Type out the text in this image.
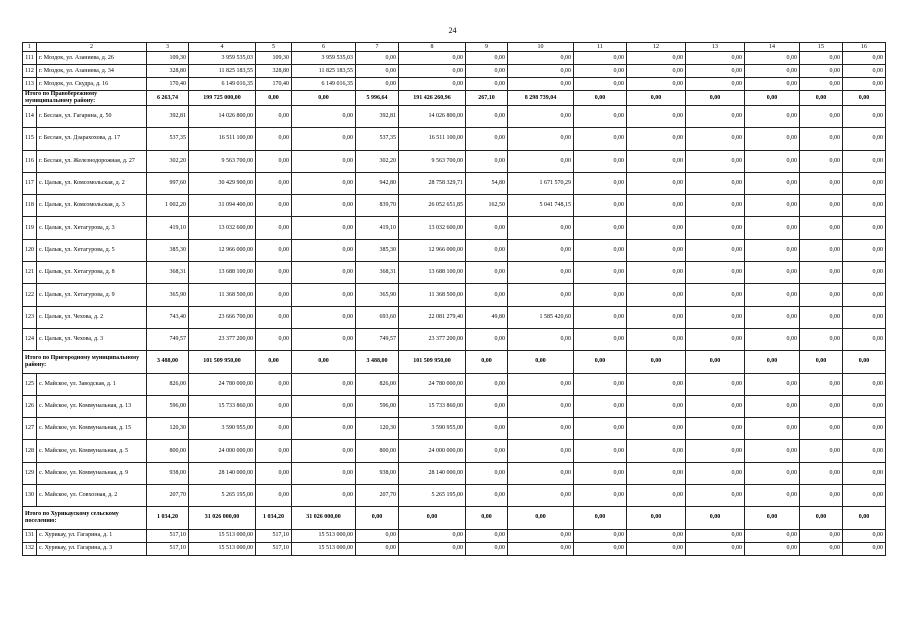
24
1	2	3	4	5	6	7	8	9	10	11	12	13	14	15	16
111	г. Моздок, ул. Азаниева, д. 26	109,30	3 959 535,03	109,30	3 959 535,03	0,00	0,00	0,00	0,00	0,00	0,00	0,00	0,00	0,00	0,00
112	г. Моздок, ул. Азаниева, д. 34	328,80	11 825 183,55	328,80	11 825 183,55	0,00	0,00	0,00	0,00	0,00	0,00	0,00	0,00	0,00	0,00
113	г. Моздок, ул. Скудра, д. 16	170,40	6 149 016,35	170,40	6 149 016,35	0,00	0,00	0,00	0,00	0,00	0,00	0,00	0,00	0,00	0,00
Итого по Правобережному муниципальному району:		6 263,74	199 725 000,00	0,00	0,00	5 996,64	191 426 260,96	267,10	8 298 739,04	0,00	0,00	0,00	0,00	0,00	0,00
114	г. Беслан, ул. Гагарина, д. 50	392,81	14 026 800,00	0,00	0,00	392,81	14 026 800,00	0,00	0,00	0,00	0,00	0,00	0,00	0,00	0,00
115	г. Беслан, ул. Дзарахохова, д. 17	537,35	16 511 100,00	0,00	0,00	537,35	16 511 100,00	0,00	0,00	0,00	0,00	0,00	0,00	0,00	0,00
116	г. Беслан, ул. Железнодорожная, д. 27	302,20	9 563 700,00	0,00	0,00	302,20	9 563 700,00	0,00	0,00	0,00	0,00	0,00	0,00	0,00	0,00
117	с. Цалык, ул. Комсомольская, д. 2	997,60	30 429 900,00	0,00	0,00	942,80	28 758 329,71	54,80	1 671 570,29	0,00	0,00	0,00	0,00	0,00	0,00
118	с. Цалык, ул. Комсомольская, д. 3	1 002,20	31 094 400,00	0,00	0,00	839,70	26 052 651,85	162,50	5 041 748,15	0,00	0,00	0,00	0,00	0,00	0,00
119	с. Цалык, ул. Хетагурова, д. 3	419,10	13 032 600,00	0,00	0,00	419,10	13 032 600,00	0,00	0,00	0,00	0,00	0,00	0,00	0,00	0,00
120	с. Цалык, ул. Хетагурова, д. 5	385,30	12 966 000,00	0,00	0,00	385,30	12 966 000,00	0,00	0,00	0,00	0,00	0,00	0,00	0,00	0,00
121	с. Цалык, ул. Хетагурова, д. 8	368,31	13 688 100,00	0,00	0,00	368,31	13 688 100,00	0,00	0,00	0,00	0,00	0,00	0,00	0,00	0,00
122	с. Цалык, ул. Хетагурова, д. 9	365,90	11 368 500,00	0,00	0,00	365,90	11 368 500,00	0,00	0,00	0,00	0,00	0,00	0,00	0,00	0,00
123	с. Цалык, ул. Чехова, д. 2	743,40	23 666 700,00	0,00	0,00	693,60	22 081 279,40	49,80	1 585 420,60	0,00	0,00	0,00	0,00	0,00	0,00
124	с. Цалык, ул. Чехова, д. 3	749,57	23 377 200,00	0,00	0,00	749,57	23 377 200,00	0,00	0,00	0,00	0,00	0,00	0,00	0,00	0,00
Итого по Пригородному муниципальному району:		3 488,00	101 509 950,00	0,00	0,00	3 488,00	101 509 950,00	0,00	0,00	0,00	0,00	0,00	0,00	0,00	0,00
125	с. Майское, ул. Заводская, д. 1	826,00	24 780 000,00	0,00	0,00	826,00	24 780 000,00	0,00	0,00	0,00	0,00	0,00	0,00	0,00	0,00
126	с. Майское, ул. Коммунальная, д. 13	596,00	15 733 860,00	0,00	0,00	596,00	15 733 860,00	0,00	0,00	0,00	0,00	0,00	0,00	0,00	0,00
127	с. Майское, ул. Коммунальная, д. 15	120,30	3 590 955,00	0,00	0,00	120,30	3 590 955,00	0,00	0,00	0,00	0,00	0,00	0,00	0,00	0,00
128	с. Майское, ул. Коммунальная, д. 5	800,00	24 000 000,00	0,00	0,00	800,00	24 000 000,00	0,00	0,00	0,00	0,00	0,00	0,00	0,00	0,00
129	с. Майское, ул. Коммунальная, д. 9	938,00	28 140 000,00	0,00	0,00	938,00	28 140 000,00	0,00	0,00	0,00	0,00	0,00	0,00	0,00	0,00
130	с. Майское, ул. Совхозная, д. 2	207,70	5 265 195,00	0,00	0,00	207,70	5 265 195,00	0,00	0,00	0,00	0,00	0,00	0,00	0,00	0,00
Итого по Хурикаускому сельскому поселению:		1 034,20	31 026 000,00	1 034,20	31 026 000,00	0,00	0,00	0,00	0,00	0,00	0,00	0,00	0,00	0,00	0,00
131	с. Хурикау, ул. Гагарина, д. 1	517,10	15 513 000,00	517,10	15 513 000,00	0,00	0,00	0,00	0,00	0,00	0,00	0,00	0,00	0,00	0,00
132	с. Хурикау, ул. Гагарина, д. 3	517,10	15 513 000,00	517,10	15 513 000,00	0,00	0,00	0,00	0,00	0,00	0,00	0,00	0,00	0,00	0,00
